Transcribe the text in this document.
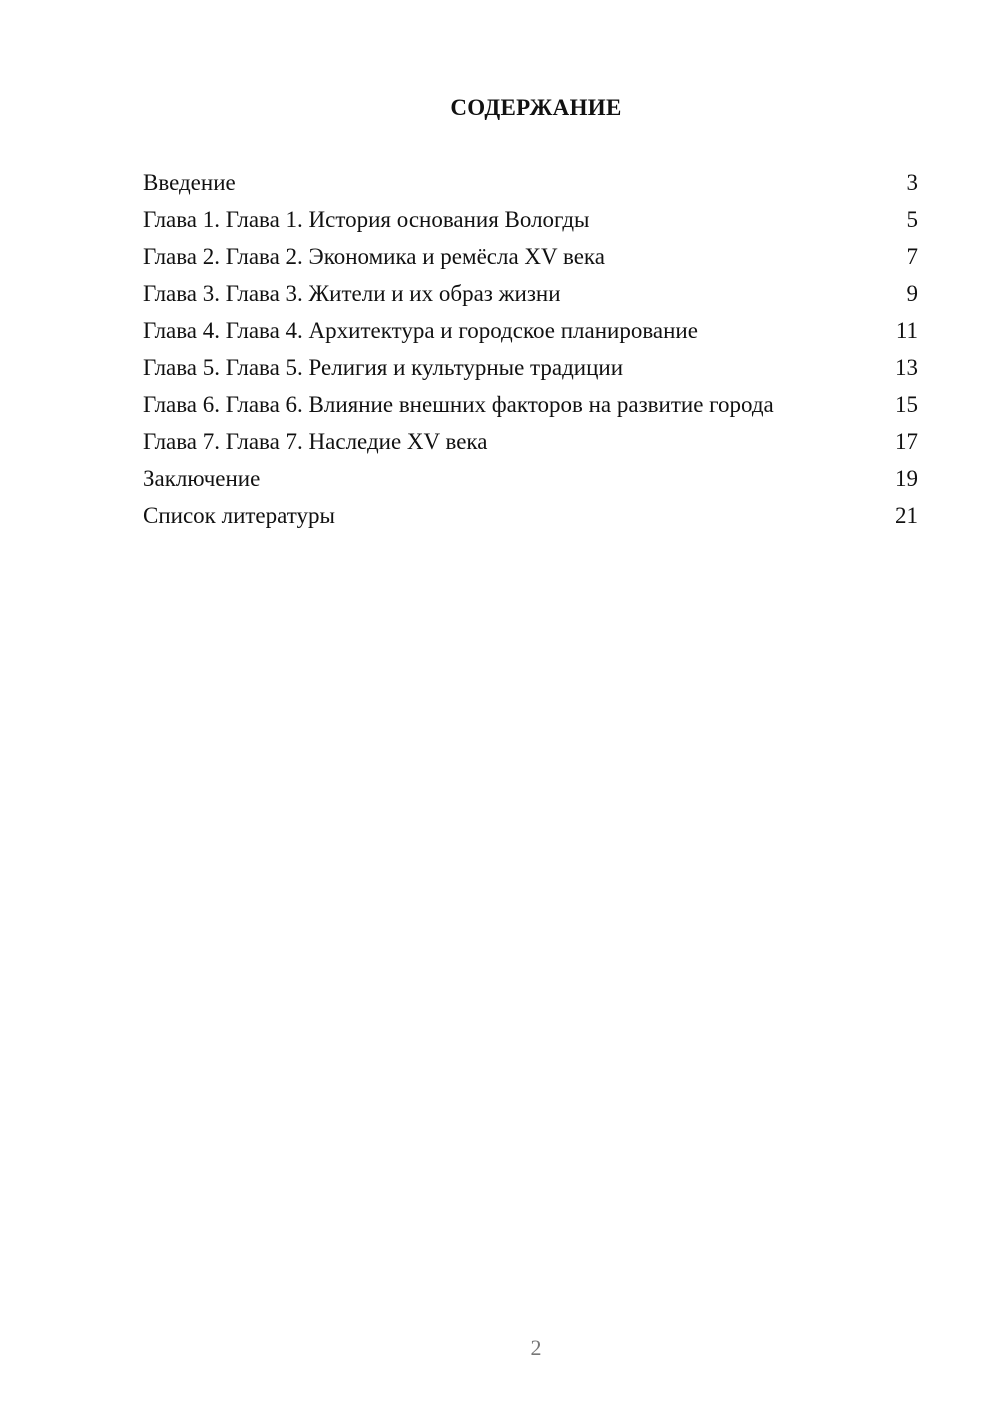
СОДЕРЖАНИЕ
Введение	3
Глава 1. Глава 1. История основания Вологды	5
Глава 2. Глава 2. Экономика и ремёсла XV века	7
Глава 3. Глава 3. Жители и их образ жизни	9
Глава 4. Глава 4. Архитектура и городское планирование	11
Глава 5. Глава 5. Религия и культурные традиции	13
Глава 6. Глава 6. Влияние внешних факторов на развитие города	15
Глава 7. Глава 7. Наследие XV века	17
Заключение	19
Список литературы	21
2
